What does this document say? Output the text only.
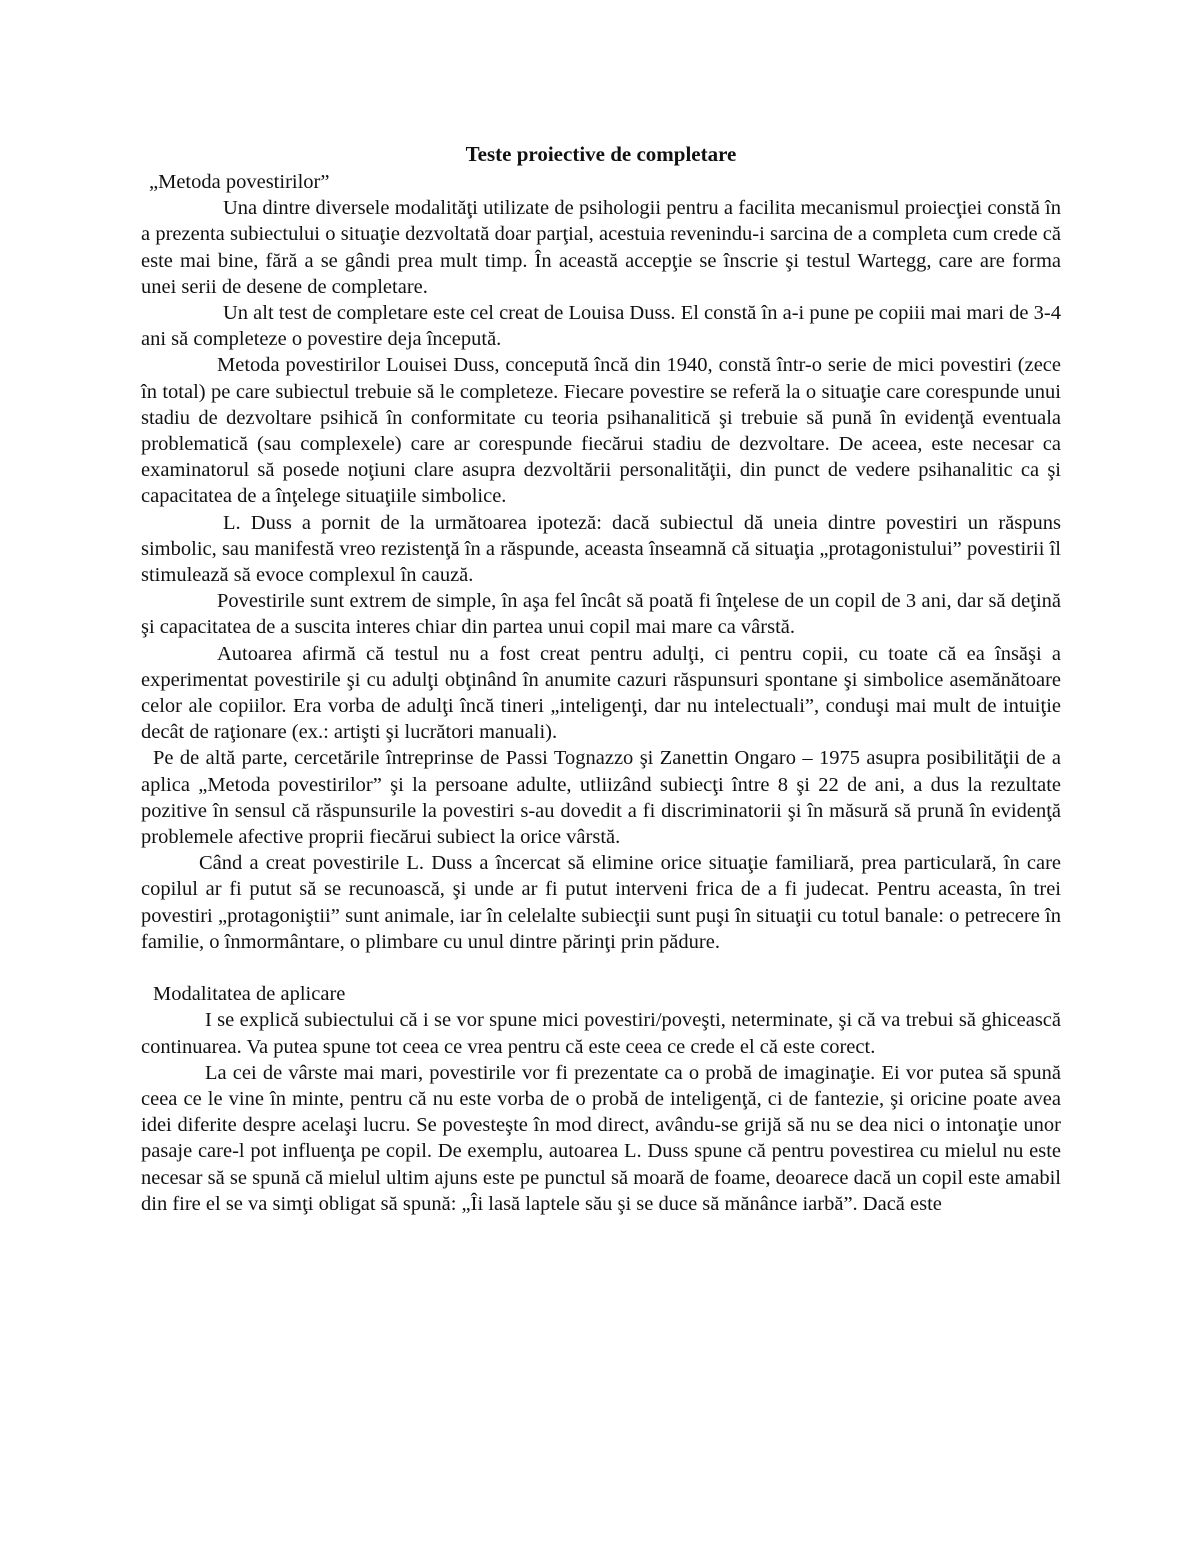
Teste proiective de completare

„Metoda povestirilor”

Una dintre diversele modalităţi utilizate de psihologii pentru a facilita mecanismul proiecţiei constă în a prezenta subiectului o situaţie dezvoltată doar parţial, acestuia revenindu-i sarcina de a completa cum crede că este mai bine, fără a se gândi prea mult timp. În această accepţie se înscrie şi testul Wartegg, care are forma unei serii de desene de completare.

Un alt test de completare este cel creat de Louisa Duss. El constă în a-i pune pe copiii mai mari de 3-4 ani să completeze o povestire deja începută.

Metoda povestirilor Louisei Duss, concepută încă din 1940, constă într-o serie de mici povestiri (zece în total) pe care subiectul trebuie să le completeze. Fiecare povestire se referă la o situaţie care corespunde unui stadiu de dezvoltare psihică în conformitate cu teoria psihanalitică şi trebuie să pună în evidenţă eventuala problematică (sau complexele) care ar corespunde fiecărui stadiu de dezvoltare. De aceea, este necesar ca examinatorul să posede noţiuni clare asupra dezvoltării personalităţii, din punct de vedere psihanalitic ca şi capacitatea de a înţelege situaţiile simbolice.

L. Duss a pornit de la următoarea ipoteză: dacă subiectul dă uneia dintre povestiri un răspuns simbolic, sau manifestă vreo rezistenţă în a răspunde, aceasta înseamnă că situaţia „protagonistului” povestirii îl stimulează să evoce complexul în cauză.

Povestirile sunt extrem de simple, în aşa fel încât să poată fi înţelese de un copil de 3 ani, dar să deţină şi capacitatea de a suscita interes chiar din partea unui copil mai mare ca vârstă.

Autoarea afirmă că testul nu a fost creat pentru adulţi, ci pentru copii, cu toate că ea însăşi a experimentat povestirile şi cu adulţi obţinând în anumite cazuri răspunsuri spontane şi simbolice asemănătoare celor ale copiilor. Era vorba de adulţi încă tineri „inteligenţi, dar nu intelectuali”, conduşi mai mult de intuiţie decât de raţionare (ex.: artişti şi lucrători manuali).

Pe de altă parte, cercetările întreprinse de Passi Tognazzo şi Zanettin Ongaro – 1975 asupra posibilităţii de a aplica „Metoda povestirilor” şi la persoane adulte, utliizând subiecţi între 8 şi 22 de ani, a dus la rezultate pozitive în sensul că răspunsurile la povestiri s-au dovedit a fi discriminatorii şi în măsură să prună în evidenţă problemele afective proprii fiecărui subiect la orice vârstă.

Când a creat povestirile L. Duss a încercat să elimine orice situaţie familiară, prea particulară, în care copilul ar fi putut să se recunoască, şi unde ar fi putut interveni frica de a fi judecat. Pentru aceasta, în trei povestiri „protagoniştii” sunt animale, iar în celelalte subiecţii sunt puşi în situaţii cu totul banale: o petrecere în familie, o înmormântare, o plimbare cu unul dintre părinţi prin pădure.

Modalitatea de aplicare

I se explică subiectului că i se vor spune mici povestiri/poveşti, neterminate, şi că va trebui să ghicească continuarea. Va putea spune tot ceea ce vrea pentru că este ceea ce crede el că este corect.

La cei de vârste mai mari, povestirile vor fi prezentate ca o probă de imaginaţie. Ei vor putea să spună ceea ce le vine în minte, pentru că nu este vorba de o probă de inteligenţă, ci de fantezie, şi oricine poate avea idei diferite despre acelaşi lucru. Se povesteşte în mod direct, avându-se grijă să nu se dea nici o intonaţie unor pasaje care-l pot influenţa pe copil. De exemplu, autoarea L. Duss spune că pentru povestirea cu mielul nu este necesar să se spună că mielul ultim ajuns este pe punctul să moară de foame, deoarece dacă un copil este amabil din fire el se va simţi obligat să spună: „Îi lasă laptele său şi se duce să mănânce iarbă”. Dacă este
